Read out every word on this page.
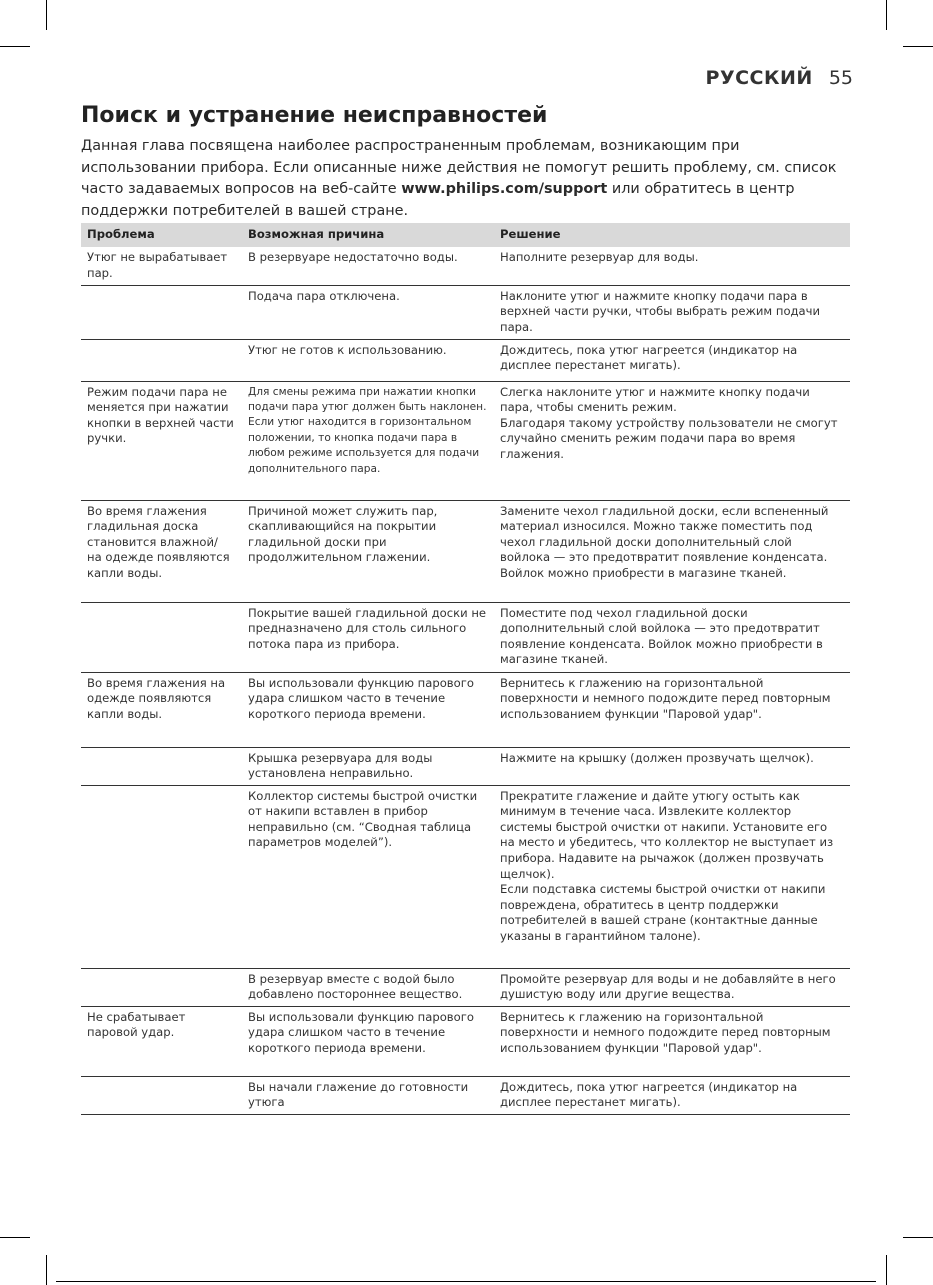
РУССКИЙ 55
Поиск и устранение неисправностей

Данная глава посвящена наиболее распространенным проблемам, возникающим при использовании прибора. Если описанные ниже действия не помогут решить проблему, см. список часто задаваемых вопросов на веб-сайте www.philips.com/support или обратитесь в центр поддержки потребителей в вашей стране.

Проблема	Возможная причина	Решение
Утюг не вырабатывает пар.	В резервуаре недостаточно воды.	Наполните резервуар для воды.
	Подача пара отключена.	Наклоните утюг и нажмите кнопку подачи пара в верхней части ручки, чтобы выбрать режим подачи пара.
	Утюг не готов к использованию.	Дождитесь, пока утюг нагреется (индикатор на дисплее перестанет мигать).
Режим подачи пара не меняется при нажатии кнопки в верхней части ручки.	Для смены режима при нажатии кнопки подачи пара утюг должен быть наклонен. Если утюг находится в горизонтальном положении, то кнопка подачи пара в любом режиме используется для подачи дополнительного пара.	Слегка наклоните утюг и нажмите кнопку подачи пара, чтобы сменить режим.
Благодаря такому устройству пользователи не смогут случайно сменить режим подачи пара во время глажения.
Во время глажения гладильная доска становится влажной/ на одежде появляются капли воды.	Причиной может служить пар, скапливающийся на покрытии гладильной доски при продолжительном глажении.	Замените чехол гладильной доски, если вспененный материал износился. Можно также поместить под чехол гладильной доски дополнительный слой войлока — это предотвратит появление конденсата. Войлок можно приобрести в магазине тканей.
	Покрытие вашей гладильной доски не предназначено для столь сильного потока пара из прибора.	Поместите под чехол гладильной доски дополнительный слой войлока — это предотвратит появление конденсата. Войлок можно приобрести в магазине тканей.
Во время глажения на одежде появляются капли воды.	Вы использовали функцию парового удара слишком часто в течение короткого периода времени.	Вернитесь к глажению на горизонтальной поверхности и немного подождите перед повторным использованием функции "Паровой удар".
	Крышка резервуара для воды установлена неправильно.	Нажмите на крышку (должен прозвучать щелчок).
	Коллектор системы быстрой очистки от накипи вставлен в прибор неправильно (см. “Сводная таблица параметров моделей”).	Прекратите глажение и дайте утюгу остыть как минимум в течение часа. Извлеките коллектор системы быстрой очистки от накипи. Установите его на место и убедитесь, что коллектор не выступает из прибора. Надавите на рычажок (должен прозвучать щелчок).
Если подставка системы быстрой очистки от накипи повреждена, обратитесь в центр поддержки потребителей в вашей стране (контактные данные указаны в гарантийном талоне).
	В резервуар вместе с водой было добавлено постороннее вещество.	Промойте резервуар для воды и не добавляйте в него душистую воду или другие вещества.
Не срабатывает паровой удар.	Вы использовали функцию парового удара слишком часто в течение короткого периода времени.	Вернитесь к глажению на горизонтальной поверхности и немного подождите перед повторным использованием функции "Паровой удар".
	Вы начали глажение до готовности утюга	Дождитесь, пока утюг нагреется (индикатор на дисплее перестанет мигать).
